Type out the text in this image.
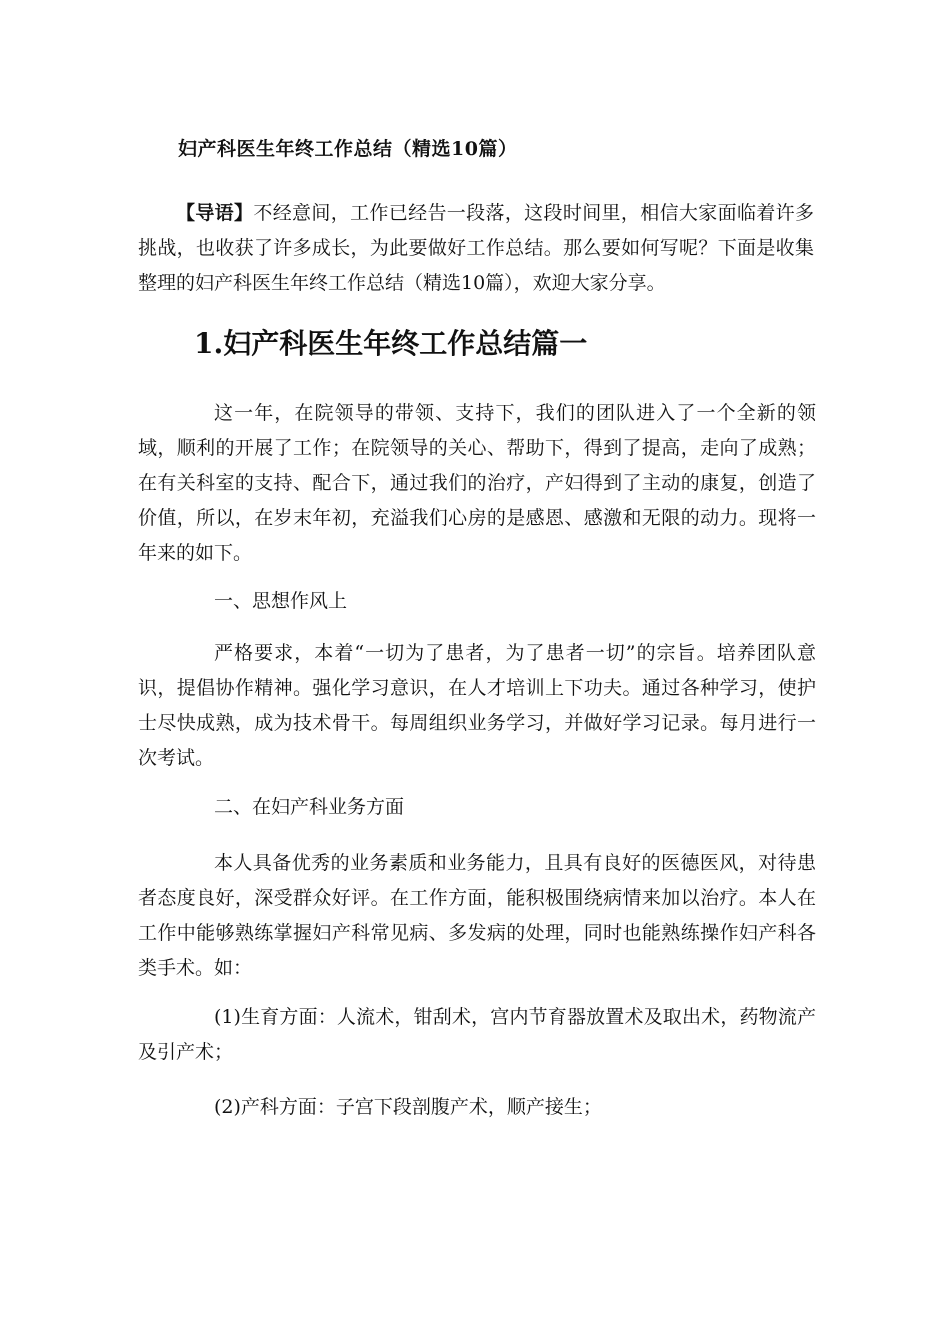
妇产科医生年终工作总结（精选10篇）

【导语】不经意间，工作已经告一段落，这段时间里，相信大家面临着许多挑战，也收获了许多成长，为此要做好工作总结。那么要如何写呢？下面是收集整理的妇产科医生年终工作总结（精选10篇），欢迎大家分享。

1.妇产科医生年终工作总结篇一

这一年，在院领导的带领、支持下，我们的团队进入了一个全新的领域，顺利的开展了工作；在院领导的关心、帮助下，得到了提高，走向了成熟；在有关科室的支持、配合下，通过我们的治疗，产妇得到了主动的康复，创造了价值，所以，在岁末年初，充溢我们心房的是感恩、感激和无限的动力。现将一年来的如下。

一、思想作风上

严格要求，本着“一切为了患者，为了患者一切”的宗旨。培养团队意识，提倡协作精神。强化学习意识，在人才培训上下功夫。通过各种学习，使护士尽快成熟，成为技术骨干。每周组织业务学习，并做好学习记录。每月进行一次考试。

二、在妇产科业务方面

本人具备优秀的业务素质和业务能力，且具有良好的医德医风，对待患者态度良好，深受群众好评。在工作方面，能积极围绕病情来加以治疗。本人在工作中能够熟练掌握妇产科常见病、多发病的处理，同时也能熟练操作妇产科各类手术。如：

(1)生育方面：人流术，钳刮术，宫内节育器放置术及取出术，药物流产及引产术；

(2)产科方面：子宫下段剖腹产术，顺产接生；
